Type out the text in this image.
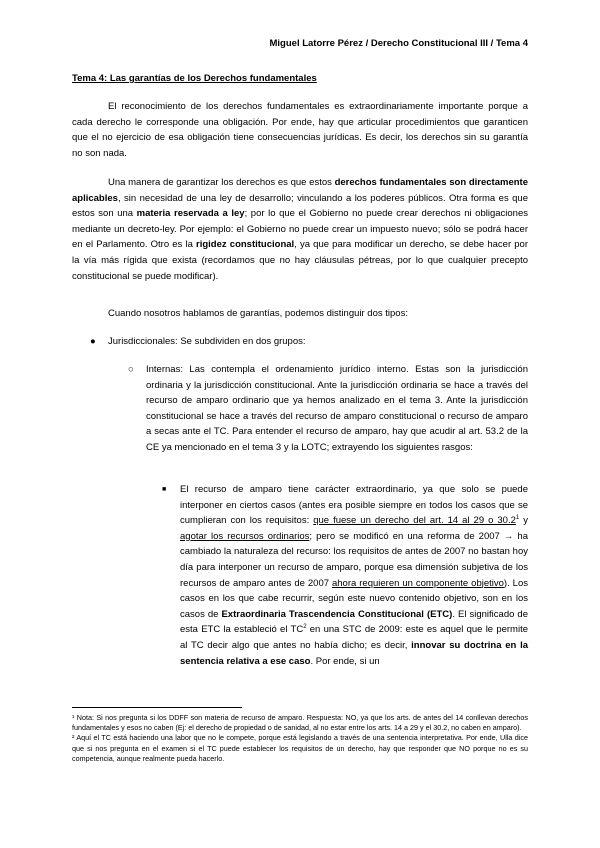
Miguel Latorre Pérez / Derecho Constitucional III / Tema 4
Tema 4: Las garantías de los Derechos fundamentales

El reconocimiento de los derechos fundamentales es extraordinariamente importante porque a cada derecho le corresponde una obligación. Por ende, hay que articular procedimientos que garanticen que el no ejercicio de esa obligación tiene consecuencias jurídicas. Es decir, los derechos sin su garantía no son nada.

Una manera de garantizar los derechos es que estos derechos fundamentales son directamente aplicables, sin necesidad de una ley de desarrollo; vinculando a los poderes públicos. Otra forma es que estos son una materia reservada a ley; por lo que el Gobierno no puede crear derechos ni obligaciones mediante un decreto-ley. Por ejemplo: el Gobierno no puede crear un impuesto nuevo; sólo se podrá hacer en el Parlamento. Otro es la rigidez constitucional, ya que para modificar un derecho, se debe hacer por la vía más rígida que exista (recordamos que no hay cláusulas pétreas, por lo que cualquier precepto constitucional se puede modificar).

Cuando nosotros hablamos de garantías, podemos distinguir dos tipos:

● Jurisdiccionales: Se subdividen en dos grupos:
○ Internas: Las contempla el ordenamiento jurídico interno. Estas son la jurisdicción ordinaria y la jurisdicción constitucional. Ante la jurisdicción ordinaria se hace a través del recurso de amparo ordinario que ya hemos analizado en el tema 3. Ante la jurisdicción constitucional se hace a través del recurso de amparo constitucional o recurso de amparo a secas ante el TC. Para entender el recurso de amparo, hay que acudir al art. 53.2 de la CE ya mencionado en el tema 3 y la LOTC; extrayendo los siguientes rasgos:
■ El recurso de amparo tiene carácter extraordinario, ya que solo se puede interponer en ciertos casos (antes era posible siempre en todos los casos que se cumplieran con los requisitos: que fuese un derecho del art. 14 al 29 o 30.2$^1$ y agotar los recursos ordinarios; pero se modificó en una reforma de 2007 → ha cambiado la naturaleza del recurso: los requisitos de antes de 2007 no bastan hoy día para interponer un recurso de amparo, porque esa dimensión subjetiva de los recursos de amparo antes de 2007 ahora requieren un componente objetivo). Los casos en los que cabe recurrir, según este nuevo contenido objetivo, son en los casos de Extraordinaria Trascendencia Constitucional (ETC). El significado de esta ETC la estableció el $TC^2$ en una STC de 2009: este es aquel que le permite al TC decir algo que antes no había dicho; es decir, innovar su doctrina en la sentencia relativa a ese caso. Por ende, si un

¹ Nota: Si nos pregunta si los DDFF son materia de recurso de amparo. Respuesta: NO, ya que los arts. de antes del 14 conllevan derechos fundamentales y esos no caben (Ej: el derecho de propiedad o de sanidad, al no estar entre los arts. 14 a 29 y el 30.2, no caben en amparo).

² Aquí el TC está haciendo una labor que no le compete, porque está legislando a través de una sentencia interpretativa. Por ende, Ulla dice que si nos pregunta en el examen si el TC puede establecer los requisitos de un derecho, hay que responder que NO porque no es su competencia, aunque realmente pueda hacerlo.
